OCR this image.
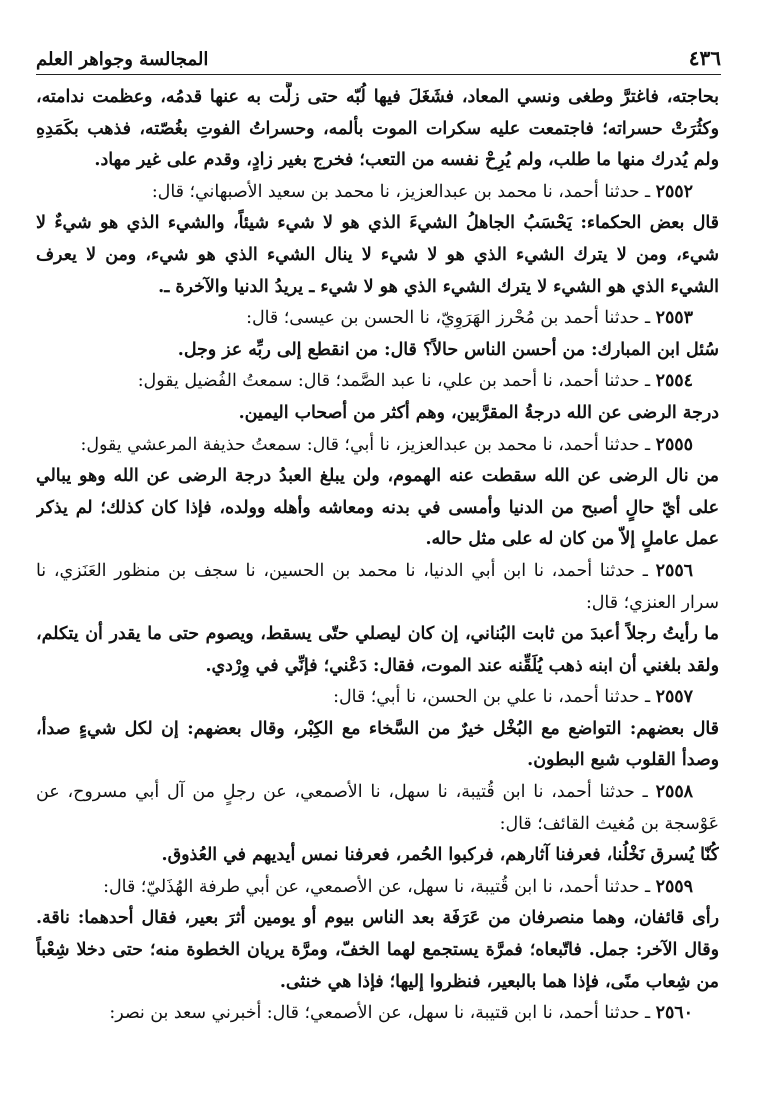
٤٣٦
المجالسة وجواهر العلم

بحاجته، فاغترَّ وطغى ونسي المعاد، فشَغَلَ فيها لُبّه حتى زلَّت به عنها قدمُه، وعظمت ندامته، وكثُرَتْ حسراته؛ فاجتمعت عليه سكرات الموت بألمه، وحسراتُ الفوتِ بغُصّته، فذهب بكَمَدِهِ ولم يُدرك منها ما طلب، ولم يُرِحْ نفسه من التعب؛ فخرج بغير زادٍ، وقدم على غير مهاد.

٢٥٥٢ ـ حدثنا أحمد، نا محمد بن عبدالعزيز، نا محمد بن سعيد الأصبهاني؛ قال:

قال بعض الحكماء: يَحْسَبُ الجاهلُ الشيءَ الذي هو لا شيء شيئاً، والشيء الذي هو شيءٌ لا شيء، ومن لا يترك الشيء الذي هو لا شيء لا ينال الشيء الذي هو شيء، ومن لا يعرف الشيء الذي هو الشيء لا يترك الشيء الذي هو لا شيء ـ يريدُ الدنيا والآخرة ـ.

٢٥٥٣ ـ حدثنا أحمد بن مُحْرز الهَرَوِيّ، نا الحسن بن عيسى؛ قال:

سُئل ابن المبارك: من أحسن الناس حالاً؟ قال: من انقطع إلى ربِّه عز وجل.

٢٥٥٤ ـ حدثنا أحمد، نا أحمد بن علي، نا عبد الصَّمد؛ قال: سمعتُ الفُضيل يقول:

درجة الرضى عن الله درجةُ المقرَّبين، وهم أكثر من أصحاب اليمين.

٢٥٥٥ ـ حدثنا أحمد، نا محمد بن عبدالعزيز، نا أبي؛ قال: سمعتُ حذيفة المرعشي يقول:

من نال الرضى عن الله سقطت عنه الهموم، ولن يبلغ العبدُ درجة الرضى عن الله وهو يبالي على أيّ حالٍ أصبح من الدنيا وأمسى في بدنه ومعاشه وأهله وولده، فإذا كان كذلك؛ لم يذكر عمل عاملٍ إلاّ من كان له على مثل حاله.

٢٥٥٦ ـ حدثنا أحمد، نا ابن أبي الدنيا، نا محمد بن الحسين، نا سجف بن منظور العَنَزي، نا سرار العنزي؛ قال:

ما رأيتُ رجلاً أعبدَ من ثابت البُناني، إن كان ليصلي حتّى يسقط، ويصوم حتى ما يقدر أن يتكلم، ولقد بلغني أن ابنه ذهب يُلَقِّنه عند الموت، فقال: دَعْني؛ فإنِّي في وِرْدي.

٢٥٥٧ ـ حدثنا أحمد، نا علي بن الحسن، نا أبي؛ قال:

قال بعضهم: التواضع مع البُخْل خيرٌ من السَّخاء مع الكِبْر، وقال بعضهم: إن لكل شيءٍ صدأ، وصدأ القلوب شبع البطون.

٢٥٥٨ ـ حدثنا أحمد، نا ابن قُتيبة، نا سهل، نا الأصمعي، عن رجلٍ من آل أبي مسروح، عن عَوْسجة بن مُغيث القائف؛ قال:

كُنّا يُسرق نَخْلُنا، فعرفنا آثارهم، فركبوا الحُمر، فعرفنا نمس أيديهم في العُذوق.

٢٥٥٩ ـ حدثنا أحمد، نا ابن قُتيبة، نا سهل، عن الأصمعي، عن أبي طرفة الهُذَليّ؛ قال:

رأى قائفان، وهما منصرفان من عَرَفَة بعد الناس بيوم أو يومين أثرَ بعير، فقال أحدهما: ناقة. وقال الآخر: جمل. فاتّبعاه؛ فمرَّة يستجمع لهما الخفّ، ومرَّة يريان الخطوة منه؛ حتى دخلا شِعْباً من شِعاب منًى، فإذا هما بالبعير، فنظروا إليها؛ فإذا هي خنثى.

٢٥٦٠ ـ حدثنا أحمد، نا ابن قتيبة، نا سهل، عن الأصمعي؛ قال: أخبرني سعد بن نصر:
